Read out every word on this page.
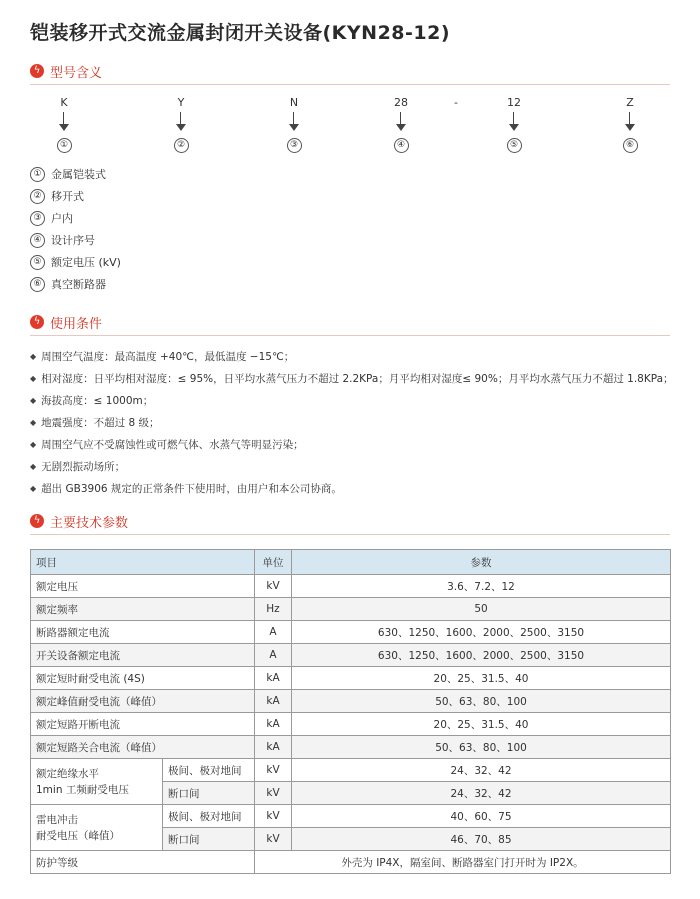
铠装移开式交流金属封闭开关设备(KYN28-12)
ϟ 型号含义
K
①
Y
②
N
③
28
④
-	12
⑤
Z
⑥
① 金属铠装式
② 移开式
③ 户内
④ 设计序号
⑤ 额定电压 (kV)
⑥ 真空断路器
ϟ 使用条件
◆ 周围空气温度：最高温度 +40℃，最低温度 −15℃；
◆ 相对湿度：日平均相对湿度：≤ 95%，日平均水蒸气压力不超过 2.2KPa；月平均相对湿度≤ 90%；月平均水蒸气压力不超过 1.8KPa；
◆ 海拔高度：≤ 1000m；
◆ 地震强度：不超过 8 级；
◆ 周围空气应不受腐蚀性或可燃气体、水蒸气等明显污染；
◆ 无剧烈振动场所；
◆ 超出 GB3906 规定的正常条件下使用时，由用户和本公司协商。
ϟ 主要技术参数
项目		单位	参数
额定电压		kV	3.6、7.2、12
额定频率		Hz	50
断路器额定电流		A	630、1250、1600、2000、2500、3150
开关设备额定电流		A	630、1250、1600、2000、2500、3150
额定短时耐受电流 (4S)		kA	20、25、31.5、40
额定峰值耐受电流（峰值）		kA	50、63、80、100
额定短路开断电流		kA	20、25、31.5、40
额定短路关合电流（峰值）		kA	50、63、80、100

额定绝缘水平
1min 工频耐受电压	极间、极对地间	kV	24、32、42
	断口间	kV	24、32、42

雷电冲击
耐受电压（峰值）	极间、极对地间	kV	40、60、75
	断口间	kV	46、70、85
防护等级		外壳为 IP4X，隔室间、断路器室门打开时为 IP2X。	
